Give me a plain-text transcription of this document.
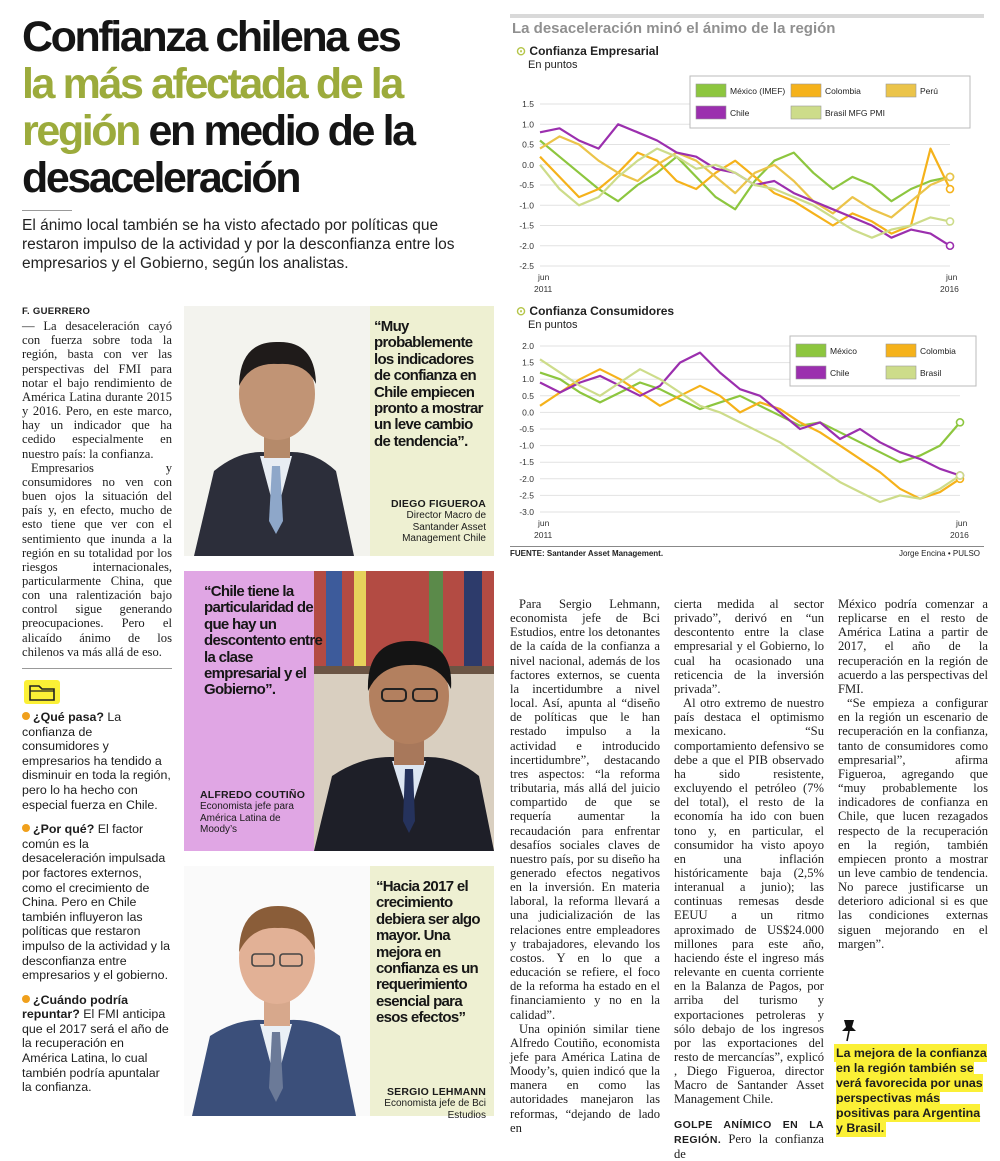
Confianza chilena es
la más afectada de la región en medio de la desaceleración
El ánimo local también se ha visto afectado por políticas que restaron impulso de la actividad y por la desconfianza entre los empresarios y el Gobierno, según los analistas.
F. GUERRERO

— La desaceleración cayó con fuerza sobre toda la región, basta con ver las perspectivas del FMI para notar el bajo rendimiento de América Latina durante 2015 y 2016. Pero, en este marco, hay un indicador que ha cedido especialmente en nuestro país: la confianza.

Empresarios y consumidores no ven con buen ojos la situación del país y, en efecto, mucho de esto tiene que ver con el sentimiento que inunda a la región en su totalidad por los riesgos internacionales, particularmente China, que con una ralentización bajo control sigue generando preocupaciones. Pero el alicaído ánimo de los chilenos va más allá de eso.

¿Qué pasa? La confianza de consumidores y empresarios ha tendido a disminuir en toda la región, pero lo ha hecho con especial fuerza en Chile.

¿Por qué? El factor común es la desaceleración impulsada por factores externos, como el crecimiento de China. Pero en Chile también influyeron las políticas que restaron impulso de la actividad y la desconfianza entre empresarios y el gobierno.

¿Cuándo podría repuntar? El FMI anticipa que el 2017 será el año de la recuperación en América Latina, lo cual también podría apuntalar la confianza.

“Muy probablemente los indicadores de confianza en Chile empiecen pronto a mostrar un leve cambio de tendencia”.
DIEGO FIGUEROA
Director Macro de Santander Asset Management Chile
“Chile tiene la particularidad de que hay un descontento entre la clase empresarial y el Gobierno”.
ALFREDO COUTIÑO
Economista jefe para América Latina de Moody’s
“Hacia 2017 el crecimiento debiera ser algo mayor. Una mejora en confianza es un requerimiento esencial para esos efectos”
SERGIO LEHMANN
Economista jefe de Bci Estudios

Para Sergio Lehmann, economista jefe de Bci Estudios, entre los detonantes de la caída de la confianza a nivel nacional, además de los factores externos, se cuenta la incertidumbre a nivel local. Así, apunta al “diseño de políticas que le han restado impulso a la actividad e introducido incertidumbre”, destacando tres aspectos: “la reforma tributaria, más allá del juicio compartido de que se requería aumentar la recaudación para enfrentar desafíos sociales claves de nuestro país, por su diseño ha generado efectos negativos en la inversión. En materia laboral, la reforma llevará a una judicialización de las relaciones entre empleadores y trabajadores, elevando los costos. Y en lo que a educación se refiere, el foco de la reforma ha estado en el financiamiento y no en la calidad”.

Una opinión similar tiene Alfredo Coutiño, economista jefe para América Latina de Moody’s, quien indicó que la manera en como las autoridades manejaron las reformas, “dejando de lado en

cierta medida al sector privado”, derivó en “un descontento entre la clase empresarial y el Gobierno, lo cual ha ocasionado una reticencia de la inversión privada”.

Al otro extremo de nuestro país destaca el optimismo mexicano. “Su comportamiento defensivo se debe a que el PIB observado ha sido resistente, excluyendo el petróleo (7% del total), el resto de la economía ha ido con buen tono y, en particular, el consumidor ha visto apoyo en una inflación históricamente baja (2,5% interanual a junio); las continuas remesas desde EEUU a un ritmo aproximado de US$24.000 millones para este año, haciendo éste el ingreso más relevante en cuenta corriente en la Balanza de Pagos, por arriba del turismo y exportaciones petroleras y sólo debajo de los ingresos por las exportaciones del resto de mercancías”, explicó , Diego Figueroa, director Macro de Santander Asset Management Chile.

GOLPE ANÍMICO EN LA REGIÓN. Pero la confianza de

México podría comenzar a replicarse en el resto de América Latina a partir de 2017, el año de la recuperación en la región de acuerdo a las perspectivas del FMI.

“Se empieza a configurar en la región un escenario de recuperación en la confianza, tanto de consumidores como empresarial”, afirma Figueroa, agregando que “muy probablemente los indicadores de confianza en Chile, que lucen rezagados respecto de la recuperación en la región, también empiecen pronto a mostrar un leve cambio de tendencia. No parece justificarse un deterioro adicional si es que las condiciones externas siguen mejorando en el margen”.

La mejora de la confianza en la región también se verá favorecida por unas perspectivas más positivas para Argentina y Brasil.
La desaceleración minó el ánimo de la región
⊙ Confianza Empresarial
En puntos
1.5
1.0
0.5
0.0
-0.5
-1.0
-1.5
-2.0
-2.5
jun
2011
jun
2016
México (IMEF)	Colombia	Perú
Chile	Brasil MFG PMI
⊙ Confianza Consumidores
En puntos
2.0
1.5
1.0
0.5
0.0
-0.5
-1.0
-1.5
-2.0
-2.5
-3.0
jun
2011
jun
2016
México	Colombia
Chile	Brasil
FUENTE: Santander Asset Management.	Jorge Encina • PULSO
